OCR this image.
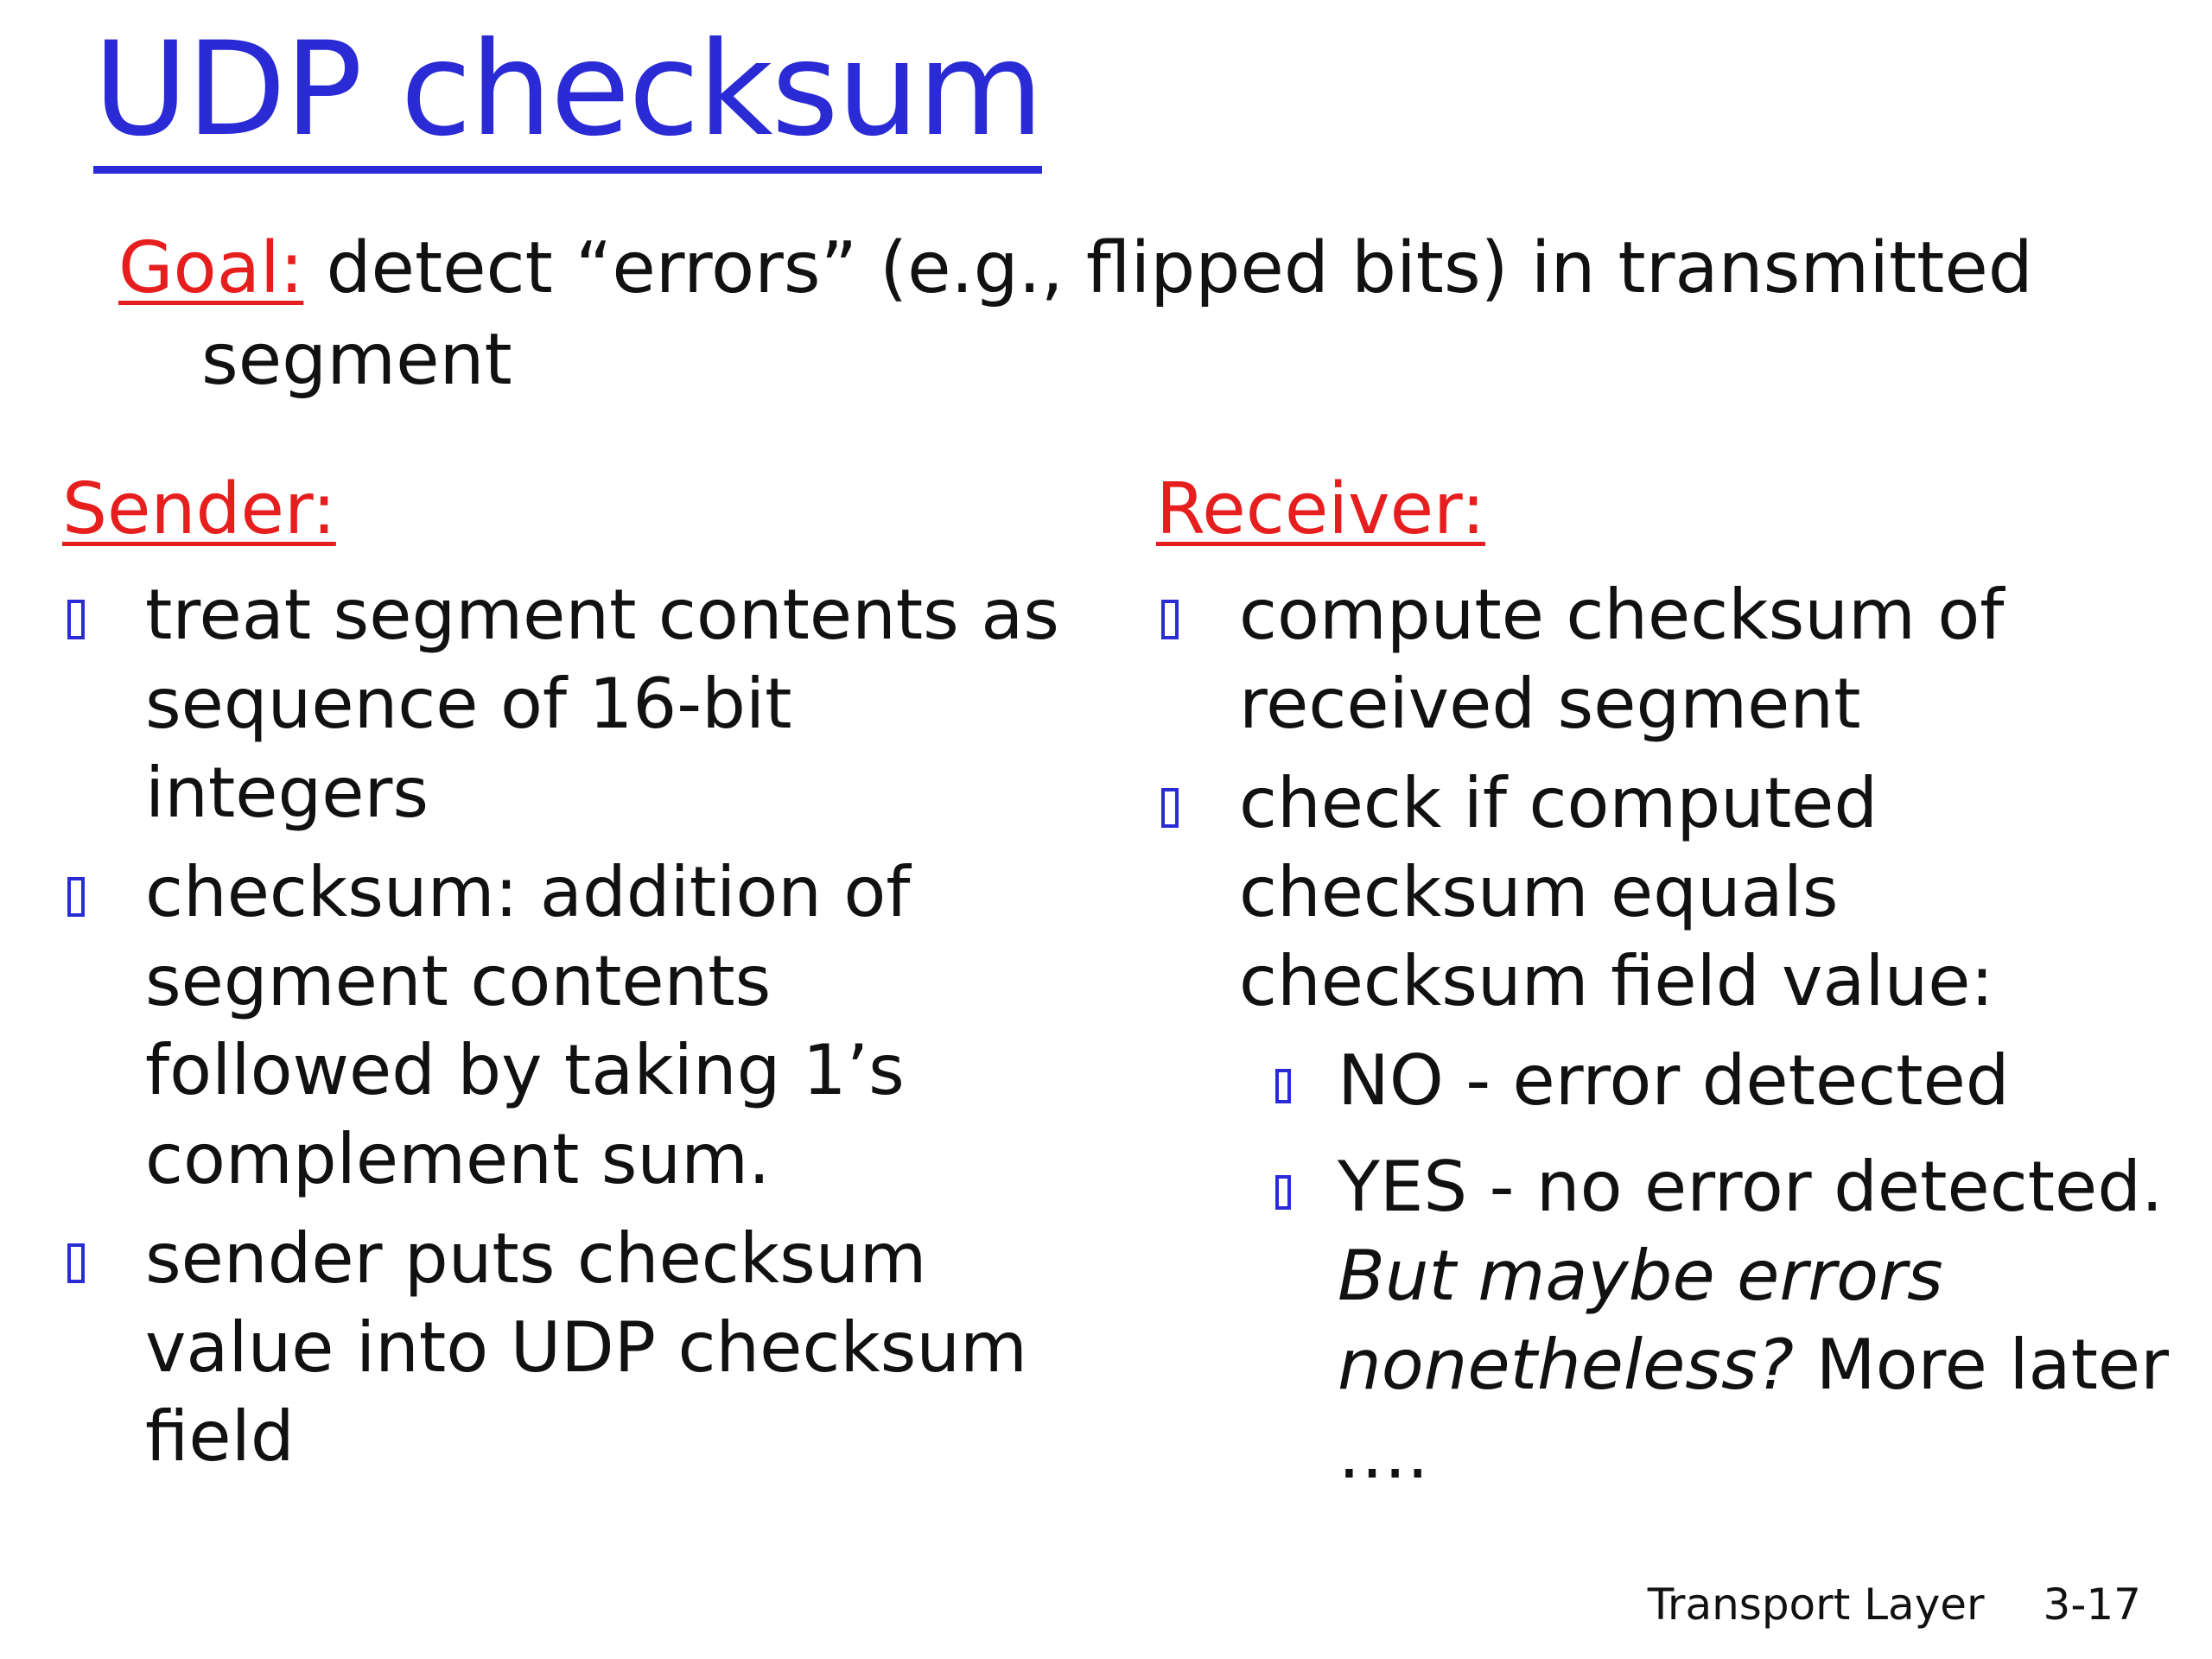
UDP checksum
Goal: detect “errors” (e.g., flipped bits) in transmitted
segment
Sender:
treat segment contents as sequence of 16-bit integers
checksum: addition of segment contents followed by taking 1’s complement sum.
sender puts checksum value into UDP checksum field
Receiver:
compute checksum of received segment
check if computed checksum equals checksum field value:
NO - error detected
YES - no error detected. But maybe errors nonetheless? More later ….
Transport Layer 3-17
